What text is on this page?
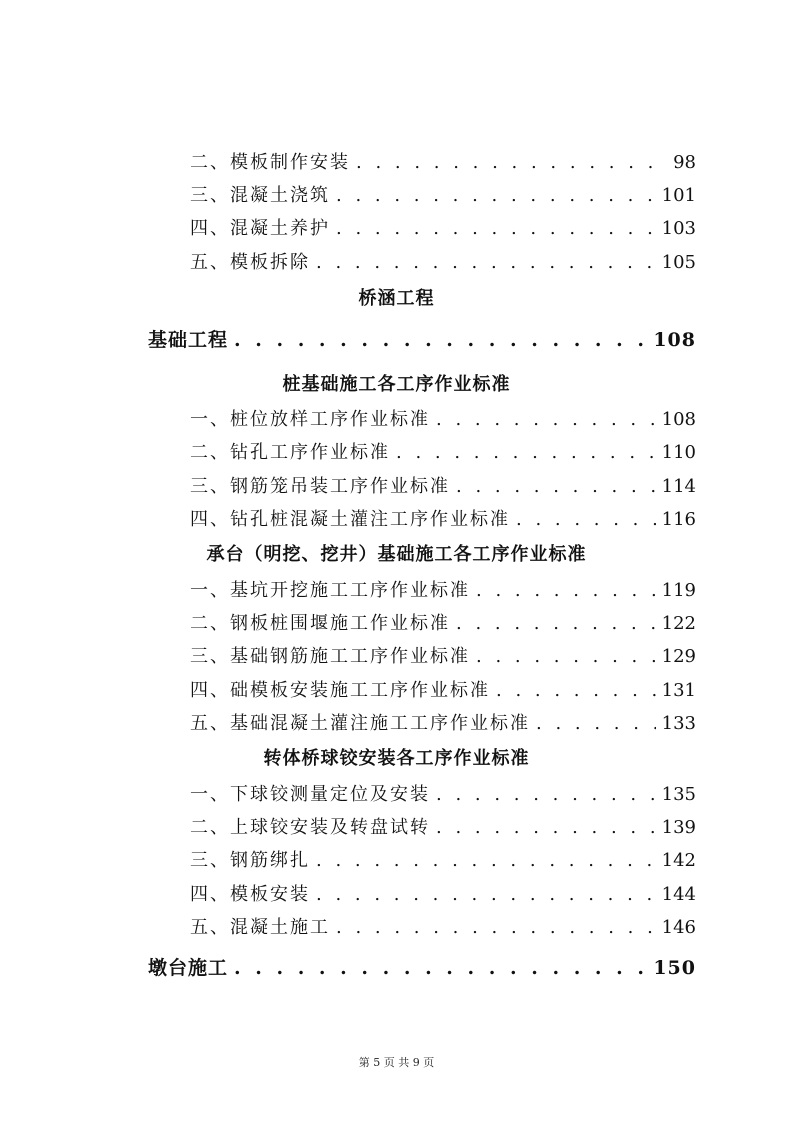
二、模板制作安装 . . .	98
三、混凝土浇筑 . . .	101
四、混凝土养护 . . .	103
五、模板拆除 . . .	105
桥涵工程
基础工程 . . .	108
桩基础施工各工序作业标准
一、桩位放样工序作业标准 . . .	108
二、钻孔工序作业标准 . . .	110
三、钢筋笼吊装工序作业标准 . . .	114
四、钻孔桩混凝土灌注工序作业标准 . . .	116
承台（明挖、挖井）基础施工各工序作业标准
一、基坑开挖施工工序作业标准 . . .	119
二、钢板桩围堰施工作业标准 . . .	122
三、基础钢筋施工工序作业标准 . . .	129
四、础模板安装施工工序作业标准 . . .	131
五、基础混凝土灌注施工工序作业标准 . . .	133
转体桥球铰安装各工序作业标准
一、下球铰测量定位及安装 . . .	135
二、上球铰安装及转盘试转 . . .	139
三、钢筋绑扎 . . .	142
四、模板安装 . . .	144
五、混凝土施工 . . .	146
墩台施工 . . .	150
第 5 页 共 9 页
